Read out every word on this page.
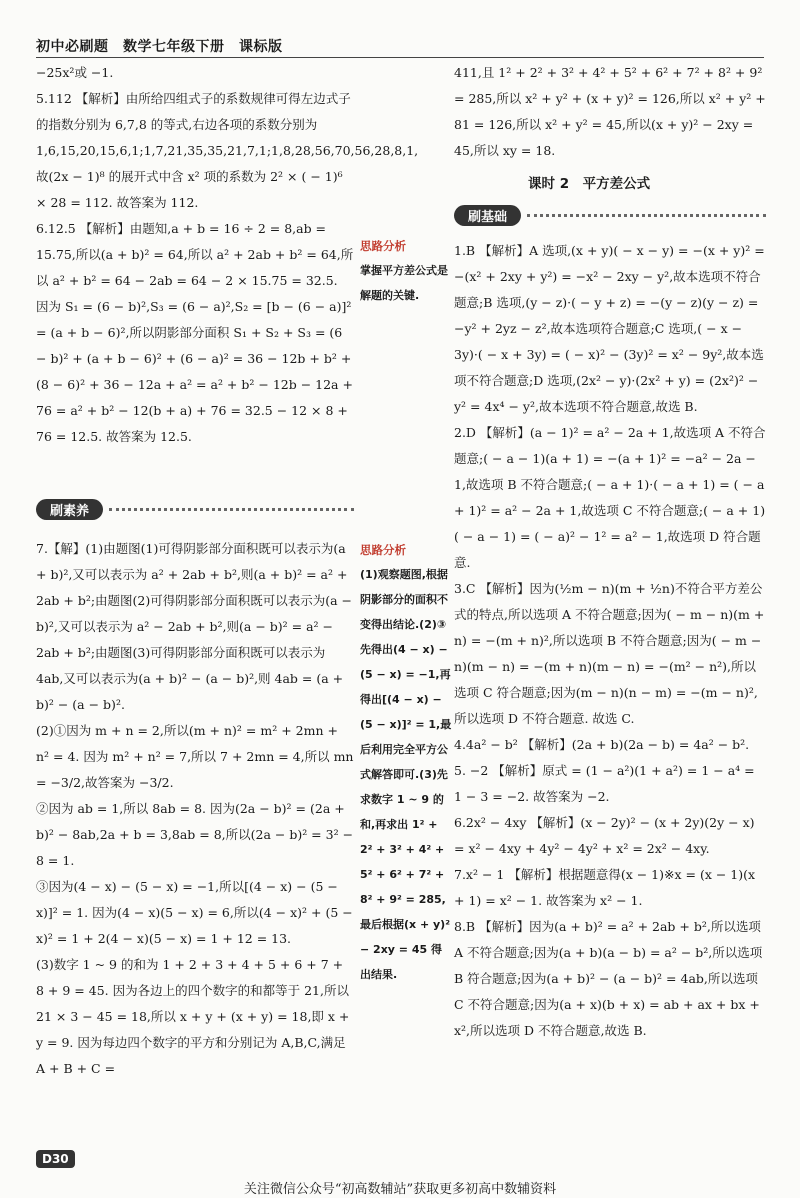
初中必刷题　数学七年级下册　课标版

−25x²或 −1.

5.112 【解析】由所给四组式子的系数规律可得左边式子的指数分别为 6,7,8 的等式,右边各项的系数分别为 1,6,15,20,15,6,1;1,7,21,35,35,21,7,1;1,8,28,56,70,56,28,8,1,故(2x − 1)⁸ 的展开式中含 x² 项的系数为 2² × ( − 1)⁶ × 28 = 112. 故答案为 112.

6.12.5 【解析】由题知,a + b = 16 ÷ 2 = 8,ab = 15.75,所以(a + b)² = 64,所以 a² + 2ab + b² = 64,所以 a² + b² = 64 − 2ab = 64 − 2 × 15.75 = 32.5. 因为 S₁ = (6 − b)²,S₃ = (6 − a)²,S₂ = [b − (6 − a)]² = (a + b − 6)²,所以阴影部分面积 S₁ + S₂ + S₃ = (6 − b)² + (a + b − 6)² + (6 − a)² = 36 − 12b + b² + (8 − 6)² + 36 − 12a + a² = a² + b² − 12b − 12a + 76 = a² + b² − 12(b + a) + 76 = 32.5 − 12 × 8 + 76 = 12.5. 故答案为 12.5.

刷素养

7.【解】(1)由题图(1)可得阴影部分面积既可以表示为(a + b)²,又可以表示为 a² + 2ab + b²,则(a + b)² = a² + 2ab + b²;由题图(2)可得阴影部分面积既可以表示为(a − b)²,又可以表示为 a² − 2ab + b²,则(a − b)² = a² − 2ab + b²;由题图(3)可得阴影部分面积既可以表示为 4ab,又可以表示为(a + b)² − (a − b)²,则 4ab = (a + b)² − (a − b)².

(2)①因为 m + n = 2,所以(m + n)² = m² + 2mn + n² = 4. 因为 m² + n² = 7,所以 7 + 2mn = 4,所以 mn = −3/2,故答案为 −3/2.

②因为 ab = 1,所以 8ab = 8. 因为(2a − b)² = (2a + b)² − 8ab,2a + b = 3,8ab = 8,所以(2a − b)² = 3² − 8 = 1.

③因为(4 − x) − (5 − x) = −1,所以[(4 − x) − (5 − x)]² = 1. 因为(4 − x)(5 − x) = 6,所以(4 − x)² + (5 − x)² = 1 + 2(4 − x)(5 − x) = 1 + 12 = 13.

(3)数字 1 ~ 9 的和为 1 + 2 + 3 + 4 + 5 + 6 + 7 + 8 + 9 = 45. 因为各边上的四个数字的和都等于 21,所以 21 × 3 − 45 = 18,所以 x + y + (x + y) = 18,即 x + y = 9. 因为每边四个数字的平方和分别记为 A,B,C,满足 A + B + C =

思路分析
掌握平方差公式是解题的关键.
思路分析
(1)观察题图,根据阴影部分的面积不变得出结论.(2)③先得出(4 − x) − (5 − x) = −1,再得出[(4 − x) − (5 − x)]² = 1,最后利用完全平方公式解答即可.(3)先求数字 1 ~ 9 的和,再求出 1² + 2² + 3² + 4² + 5² + 6² + 7² + 8² + 9² = 285,最后根据(x + y)² − 2xy = 45 得出结果.

411,且 1² + 2² + 3² + 4² + 5² + 6² + 7² + 8² + 9² = 285,所以 x² + y² + (x + y)² = 126,所以 x² + y² + 81 = 126,所以 x² + y² = 45,所以(x + y)² − 2xy = 45,所以 xy = 18.

课时 2　平方差公式
刷基础

1.B 【解析】A 选项,(x + y)( − x − y) = −(x + y)² = −(x² + 2xy + y²) = −x² − 2xy − y²,故本选项不符合题意;B 选项,(y − z)·( − y + z) = −(y − z)(y − z) = −y² + 2yz − z²,故本选项符合题意;C 选项,( − x − 3y)·( − x + 3y) = ( − x)² − (3y)² = x² − 9y²,故本选项不符合题意;D 选项,(2x² − y)·(2x² + y) = (2x²)² − y² = 4x⁴ − y²,故本选项不符合题意,故选 B.

2.D 【解析】(a − 1)² = a² − 2a + 1,故选项 A 不符合题意;( − a − 1)(a + 1) = −(a + 1)² = −a² − 2a − 1,故选项 B 不符合题意;( − a + 1)·( − a + 1) = ( − a + 1)² = a² − 2a + 1,故选项 C 不符合题意;( − a + 1)( − a − 1) = ( − a)² − 1² = a² − 1,故选项 D 符合题意.

3.C 【解析】因为(½m − n)(m + ½n)不符合平方差公式的特点,所以选项 A 不符合题意;因为( − m − n)(m + n) = −(m + n)²,所以选项 B 不符合题意;因为( − m − n)(m − n) = −(m + n)(m − n) = −(m² − n²),所以选项 C 符合题意;因为(m − n)(n − m) = −(m − n)²,所以选项 D 不符合题意. 故选 C.

4.4a² − b² 【解析】(2a + b)(2a − b) = 4a² − b².

5. −2 【解析】原式 = (1 − a²)(1 + a²) = 1 − a⁴ = 1 − 3 = −2. 故答案为 −2.

6.2x² − 4xy 【解析】(x − 2y)² − (x + 2y)(2y − x) = x² − 4xy + 4y² − 4y² + x² = 2x² − 4xy.

7.x² − 1 【解析】根据题意得(x − 1)※x = (x − 1)(x + 1) = x² − 1. 故答案为 x² − 1.

8.B 【解析】因为(a + b)² = a² + 2ab + b²,所以选项 A 不符合题意;因为(a + b)(a − b) = a² − b²,所以选项 B 符合题意;因为(a + b)² − (a − b)² = 4ab,所以选项 C 不符合题意;因为(a + x)(b + x) = ab + ax + bx + x²,所以选项 D 不符合题意,故选 B.

D30
关注微信公众号“初高数辅站”获取更多初高中数辅资料
